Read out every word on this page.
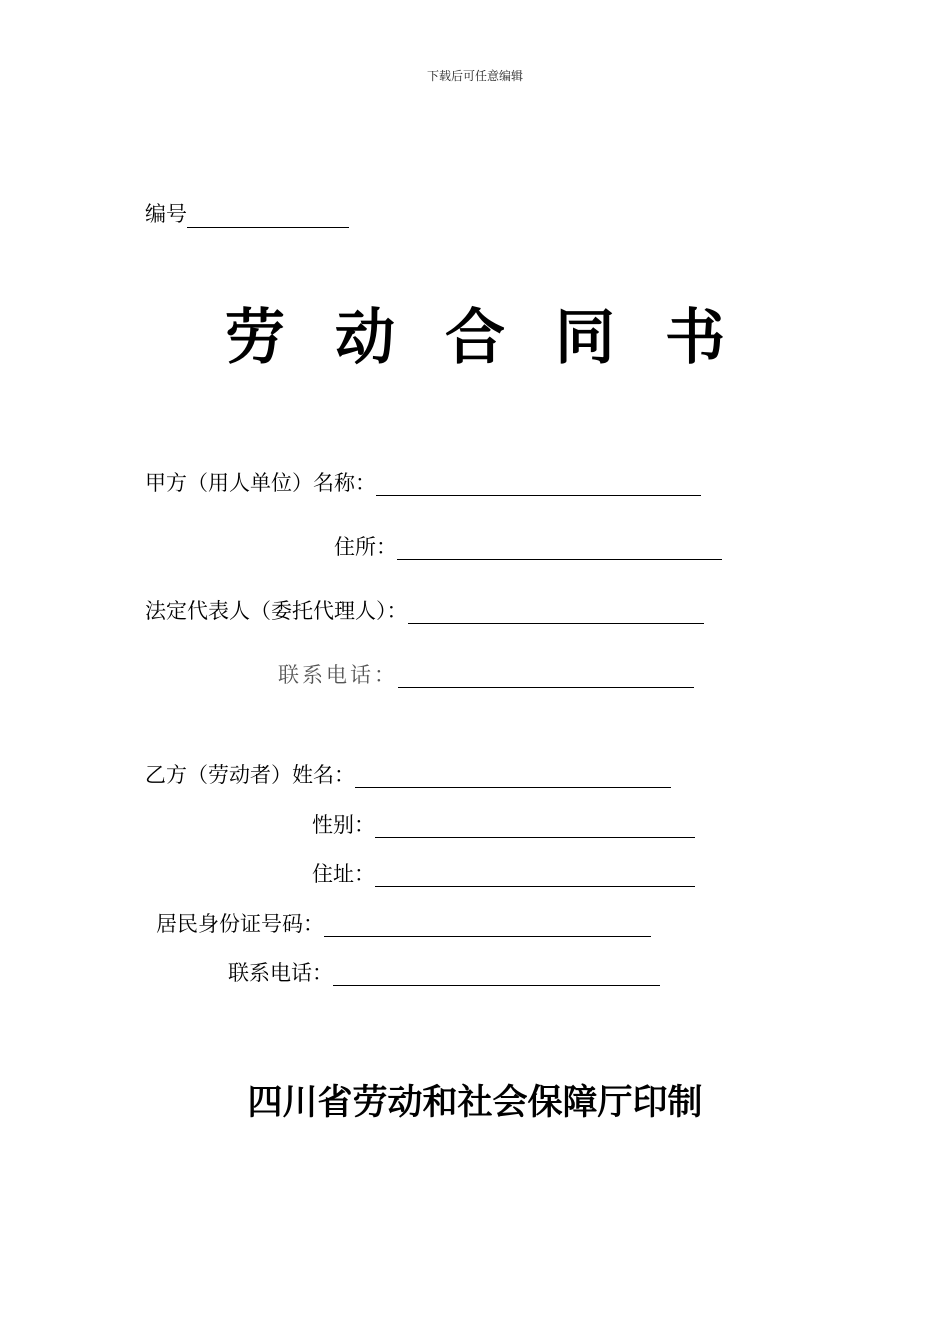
下载后可任意编辑
编号
劳 动 合 同 书
甲方（用人单位）名称：
住所：
法定代表人（委托代理人）：
联系电话：
乙方（劳动者）姓名：
性别：
住址：
居民身份证号码：
联系电话：
四川省劳动和社会保障厅印制
